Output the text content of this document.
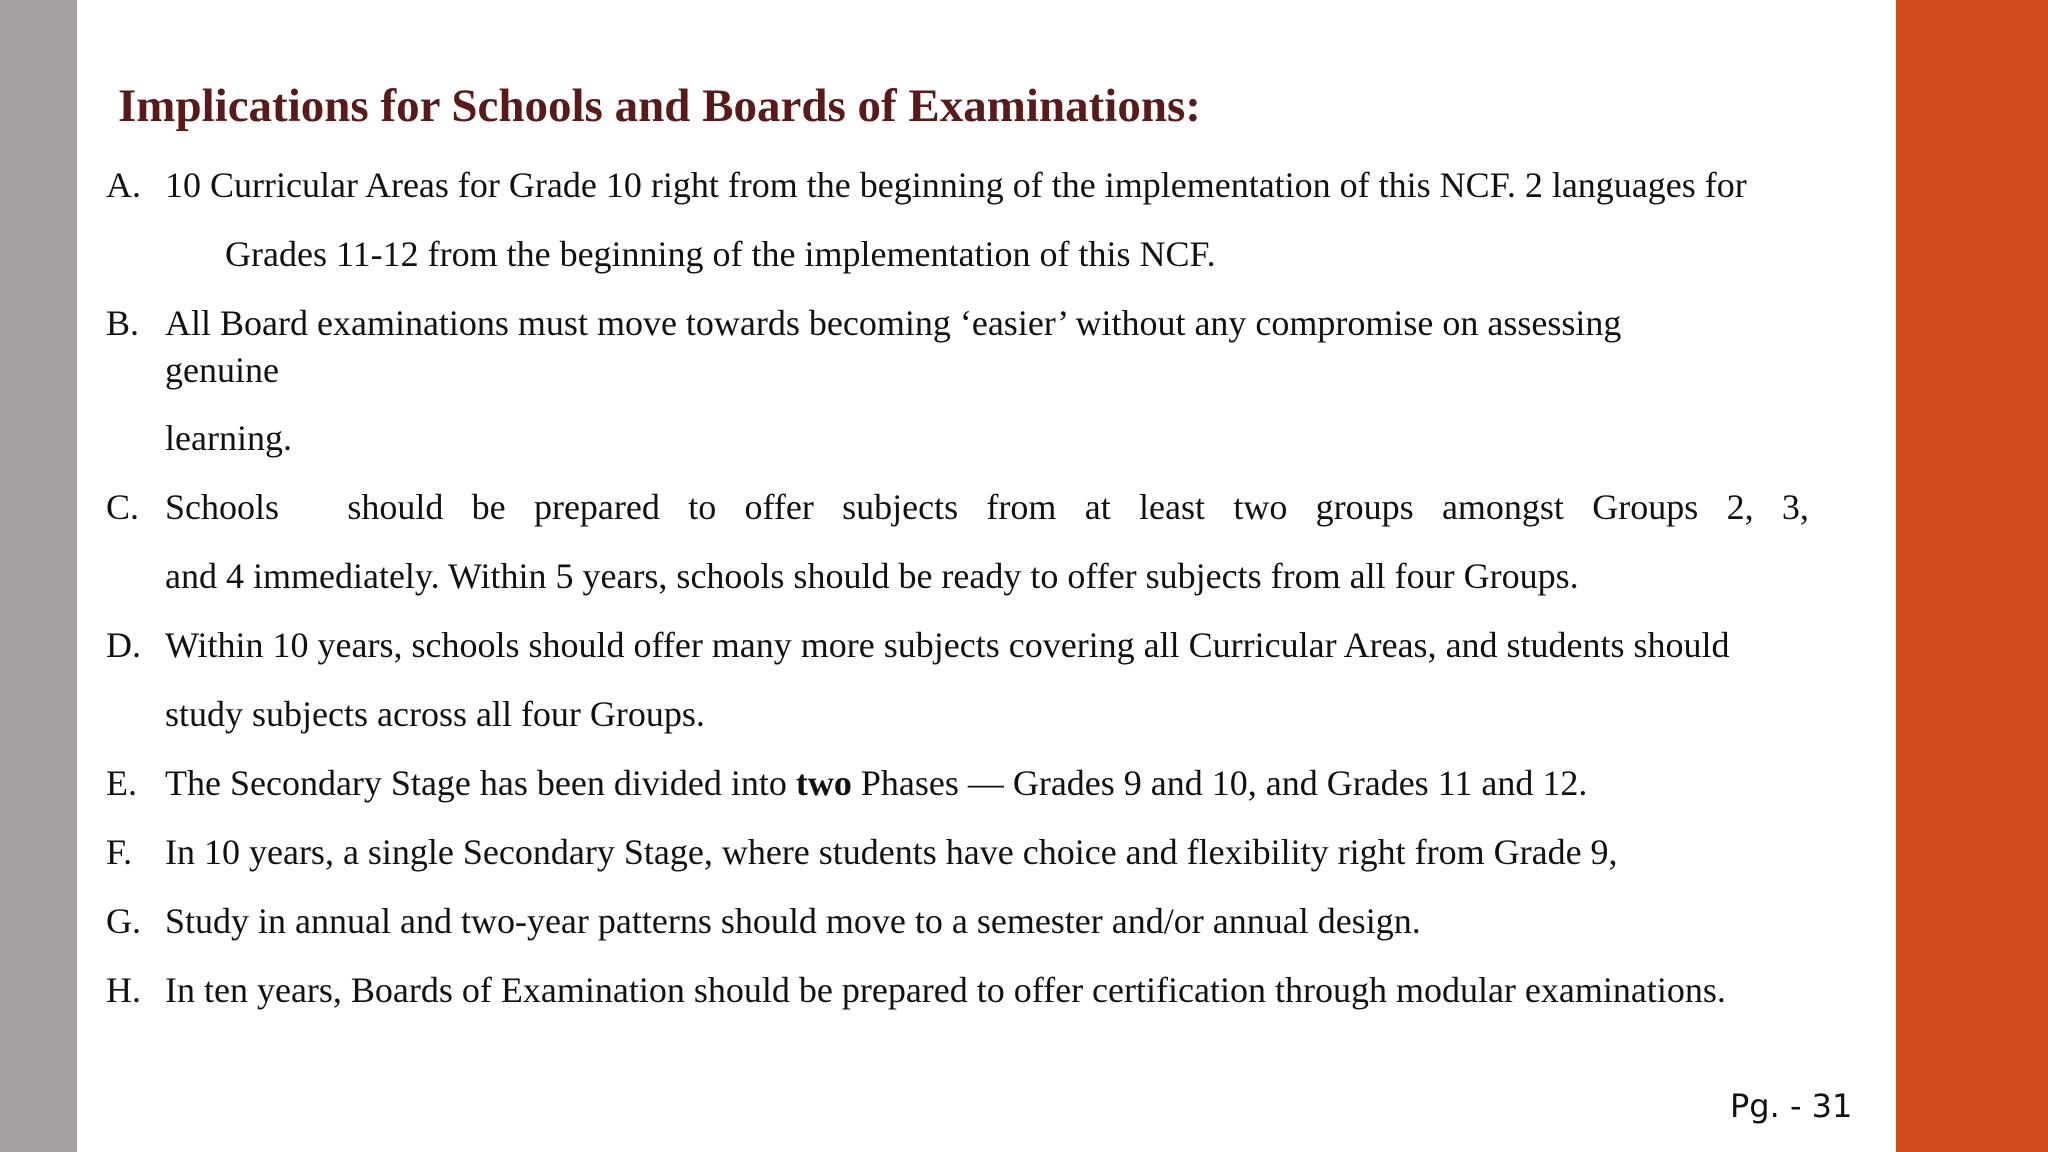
Implications for Schools and Boards of Examinations:
A. 10 Curricular Areas for Grade 10 right from the beginning of the implementation of this NCF. 2 languages for
Grades 11-12 from the beginning of the implementation of this NCF.
B. All Board examinations must move towards becoming ‘easier’ without any compromise on assessing
genuine
learning.
C. Schools should be prepared to offer subjects from at least two groups amongst Groups 2, 3,
and 4 immediately. Within 5 years, schools should be ready to offer subjects from all four Groups.
D. Within 10 years, schools should offer many more subjects covering all Curricular Areas, and students should
study subjects across all four Groups.
E. The Secondary Stage has been divided into two Phases — Grades 9 and 10, and Grades 11 and 12.
F. In 10 years, a single Secondary Stage, where students have choice and flexibility right from Grade 9,
G. Study in annual and two-year patterns should move to a semester and/or annual design.
H. In ten years, Boards of Examination should be prepared to offer certification through modular examinations.
Pg. - 31
